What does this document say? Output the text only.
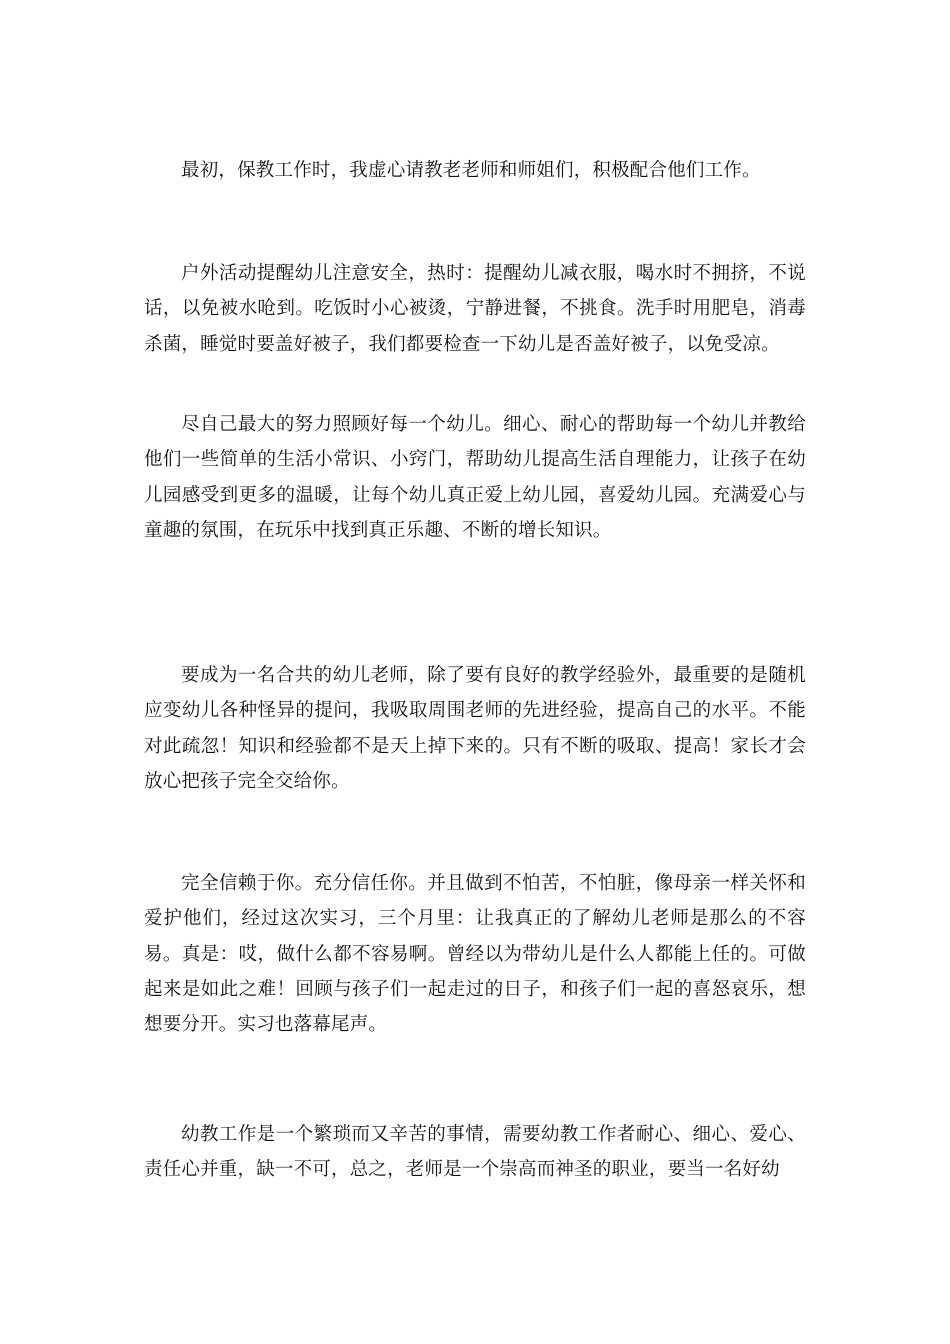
最初，保教工作时，我虚心请教老老师和师姐们，积极配合他们工作。

户外活动提醒幼儿注意安全，热时：提醒幼儿减衣服，喝水时不拥挤，不说话，以免被水呛到。吃饭时小心被烫，宁静进餐，不挑食。洗手时用肥皂，消毒杀菌，睡觉时要盖好被子，我们都要检查一下幼儿是否盖好被子，以免受凉。

尽自己最大的努力照顾好每一个幼儿。细心、耐心的帮助每一个幼儿并教给他们一些简单的生活小常识、小窍门，帮助幼儿提高生活自理能力，让孩子在幼儿园感受到更多的温暖，让每个幼儿真正爱上幼儿园，喜爱幼儿园。充满爱心与童趣的氛围，在玩乐中找到真正乐趣、不断的增长知识。

要成为一名合共的幼儿老师，除了要有良好的教学经验外，最重要的是随机应变幼儿各种怪异的提问，我吸取周围老师的先进经验，提高自己的水平。不能对此疏忽！知识和经验都不是天上掉下来的。只有不断的吸取、提高！家长才会放心把孩子完全交给你。

完全信赖于你。充分信任你。并且做到不怕苦，不怕脏，像母亲一样关怀和爱护他们，经过这次实习，三个月里：让我真正的了解幼儿老师是那么的不容易。真是：哎，做什么都不容易啊。曾经以为带幼儿是什么人都能上任的。可做起来是如此之难！回顾与孩子们一起走过的日子，和孩子们一起的喜怒哀乐，想想要分开。实习也落幕尾声。

幼教工作是一个繁琐而又辛苦的事情，需要幼教工作者耐心、细心、爱心、责任心并重，缺一不可，总之，老师是一个崇高而神圣的职业，要当一名好幼
